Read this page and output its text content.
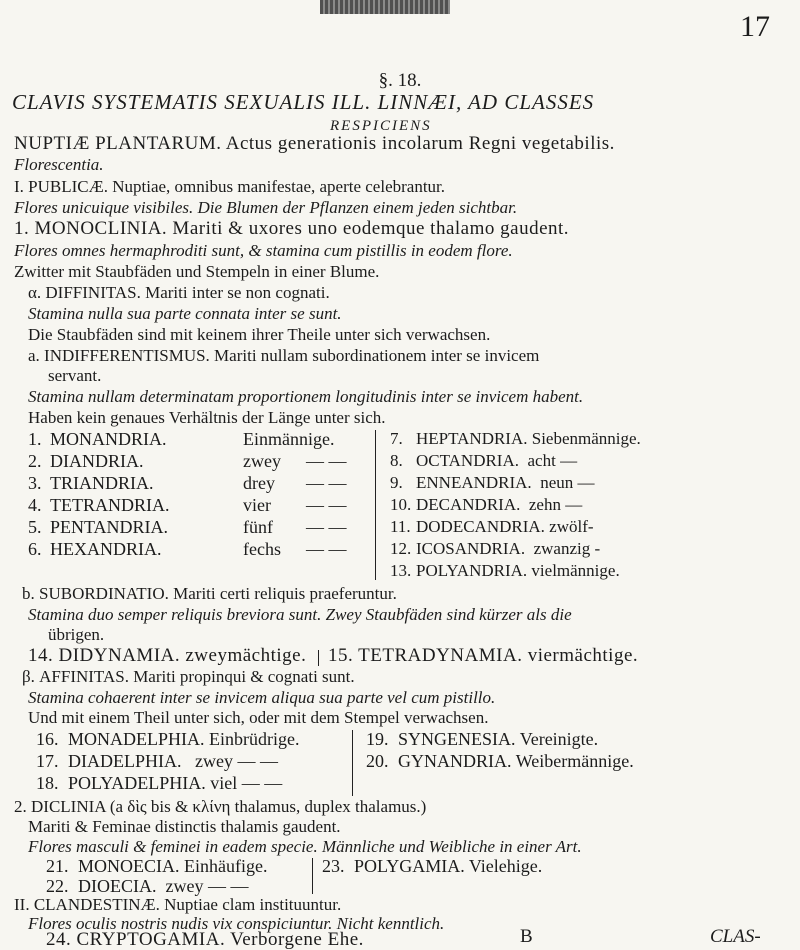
17
§. 18.
CLAVIS SYSTEMATIS SEXUALIS ILL. LINNÆI, AD CLASSES
RESPICIENS
NUPTIÆ PLANTARUM. Actus generationis incolarum Regni vegetabilis.
Florescentia.
I. PUBLICÆ. Nuptiae, omnibus manifestae, aperte celebrantur.
Flores unicuique visibiles. Die Blumen der Pflanzen einem jeden sichtbar.
1. MONOCLINIA. Mariti & uxores uno eodemque thalamo gaudent.
Flores omnes hermaphroditi sunt, & stamina cum pistillis in eodem flore.
Zwitter mit Staubfäden und Stempeln in einer Blume.
α. DIFFINITAS. Mariti inter se non cognati.
Stamina nulla sua parte connata inter se sunt.
Die Staubfäden sind mit keinem ihrer Theile unter sich verwachsen.
a. INDIFFERENTISMUS. Mariti nullam subordinationem inter se invicem
servant.
Stamina nullam determinatam proportionem longitudinis inter se invicem habent.
Haben kein genaues Verhältnis der Länge unter sich.
1. MONANDRIA.	Einmännige.
2. DIANDRIA.	zwey — —
3. TRIANDRIA.	drey — —
4. TETRANDRIA.	vier — —
5. PENTANDRIA.	fünf — —
6. HEXANDRIA.	fechs — —
7. HEPTANDRIA. Siebenmännige.
8. OCTANDRIA. acht —
9. ENNEANDRIA. neun —
10. DECANDRIA. zehn —
11. DODECANDRIA. zwölf-
12. ICOSANDRIA. zwanzig -
13. POLYANDRIA. vielmännige.
b. SUBORDINATIO. Mariti certi reliquis praeferuntur.
Stamina duo semper reliquis breviora sunt. Zwey Staubfäden sind kürzer als die
übrigen.
14. DIDYNAMIA. zweymächtige. 15. TETRADYNAMIA. viermächtige.
β. AFFINITAS. Mariti propinqui & cognati sunt.
Stamina cohaerent inter se invicem aliqua sua parte vel cum pistillo.
Und mit einem Theil unter sich, oder mit dem Stempel verwachsen.
16. MONADELPHIA. Einbrüdrige.
17. DIADELPHIA. zwey — —
18. POLYADELPHIA. viel — —
19. SYNGENESIA. Vereinigte.
20. GYNANDRIA. Weibermännige.
2. DICLINIA (a δὶς bis & κλίνη thalamus, duplex thalamus.)
Mariti & Feminae distinctis thalamis gaudent.
Flores masculi & feminei in eadem specie. Männliche und Weibliche in einer Art.
21. MONOECIA. Einhäufige.
22. DIOECIA. zwey — —
23. POLYGAMIA. Vielehige.
II. CLANDESTINÆ. Nuptiae clam instituuntur.
Flores oculis nostris nudis vix conspiciuntur. Nicht kenntlich.
24. CRYPTOGAMIA. Verborgene Ehe.	B	CLAS-
